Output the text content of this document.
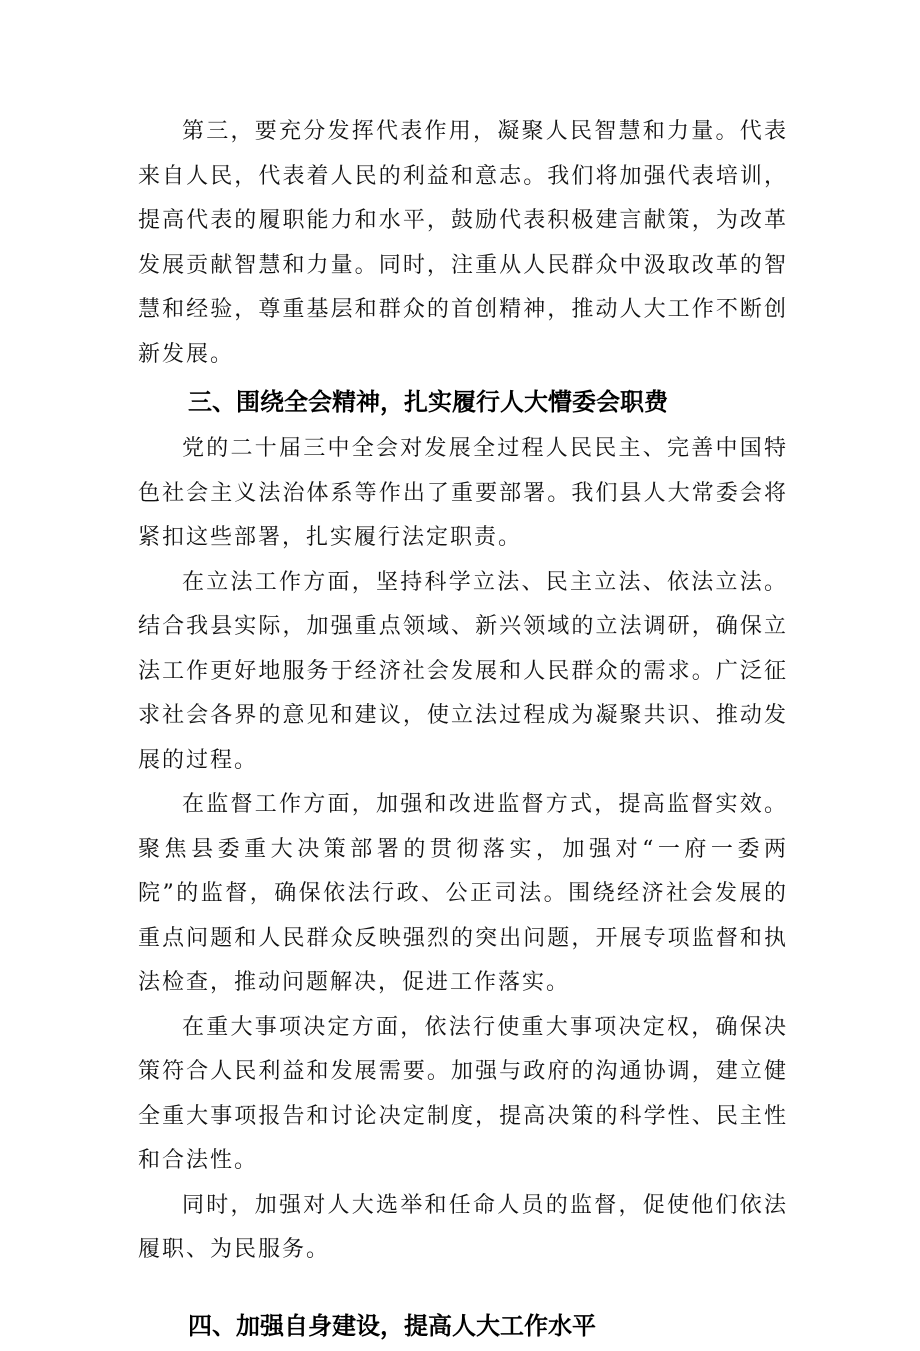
第三，要充分发挥代表作用，凝聚人民智慧和力量。代表来自人民，代表着人民的利益和意志。我们将加强代表培训，提高代表的履职能力和水平，鼓励代表积极建言献策，为改革发展贡献智慧和力量。同时，注重从人民群众中汲取改革的智慧和经验，尊重基层和群众的首创精神，推动人大工作不断创新发展。

三、围绕全会精神，扎实履行人大懵委会职费

党的二十届三中全会对发展全过程人民民主、完善中国特色社会主义法治体系等作出了重要部署。我们县人大常委会将紧扣这些部署，扎实履行法定职责。

在立法工作方面，坚持科学立法、民主立法、依法立法。结合我县实际，加强重点领域、新兴领域的立法调研，确保立法工作更好地服务于经济社会发展和人民群众的需求。广泛征求社会各界的意见和建议，使立法过程成为凝聚共识、推动发展的过程。

在监督工作方面，加强和改进监督方式，提高监督实效。聚焦县委重大决策部署的贯彻落实，加强对“一府一委两院”的监督，确保依法行政、公正司法。围绕经济社会发展的重点问题和人民群众反映强烈的突出问题，开展专项监督和执法检查，推动问题解决，促进工作落实。

在重大事项决定方面，依法行使重大事项决定权，确保决策符合人民利益和发展需要。加强与政府的沟通协调，建立健全重大事项报告和讨论决定制度，提高决策的科学性、民主性和合法性。

同时，加强对人大选举和任命人员的监督，促使他们依法履职、为民服务。

四、加强自身建设，提高人大工作水平
